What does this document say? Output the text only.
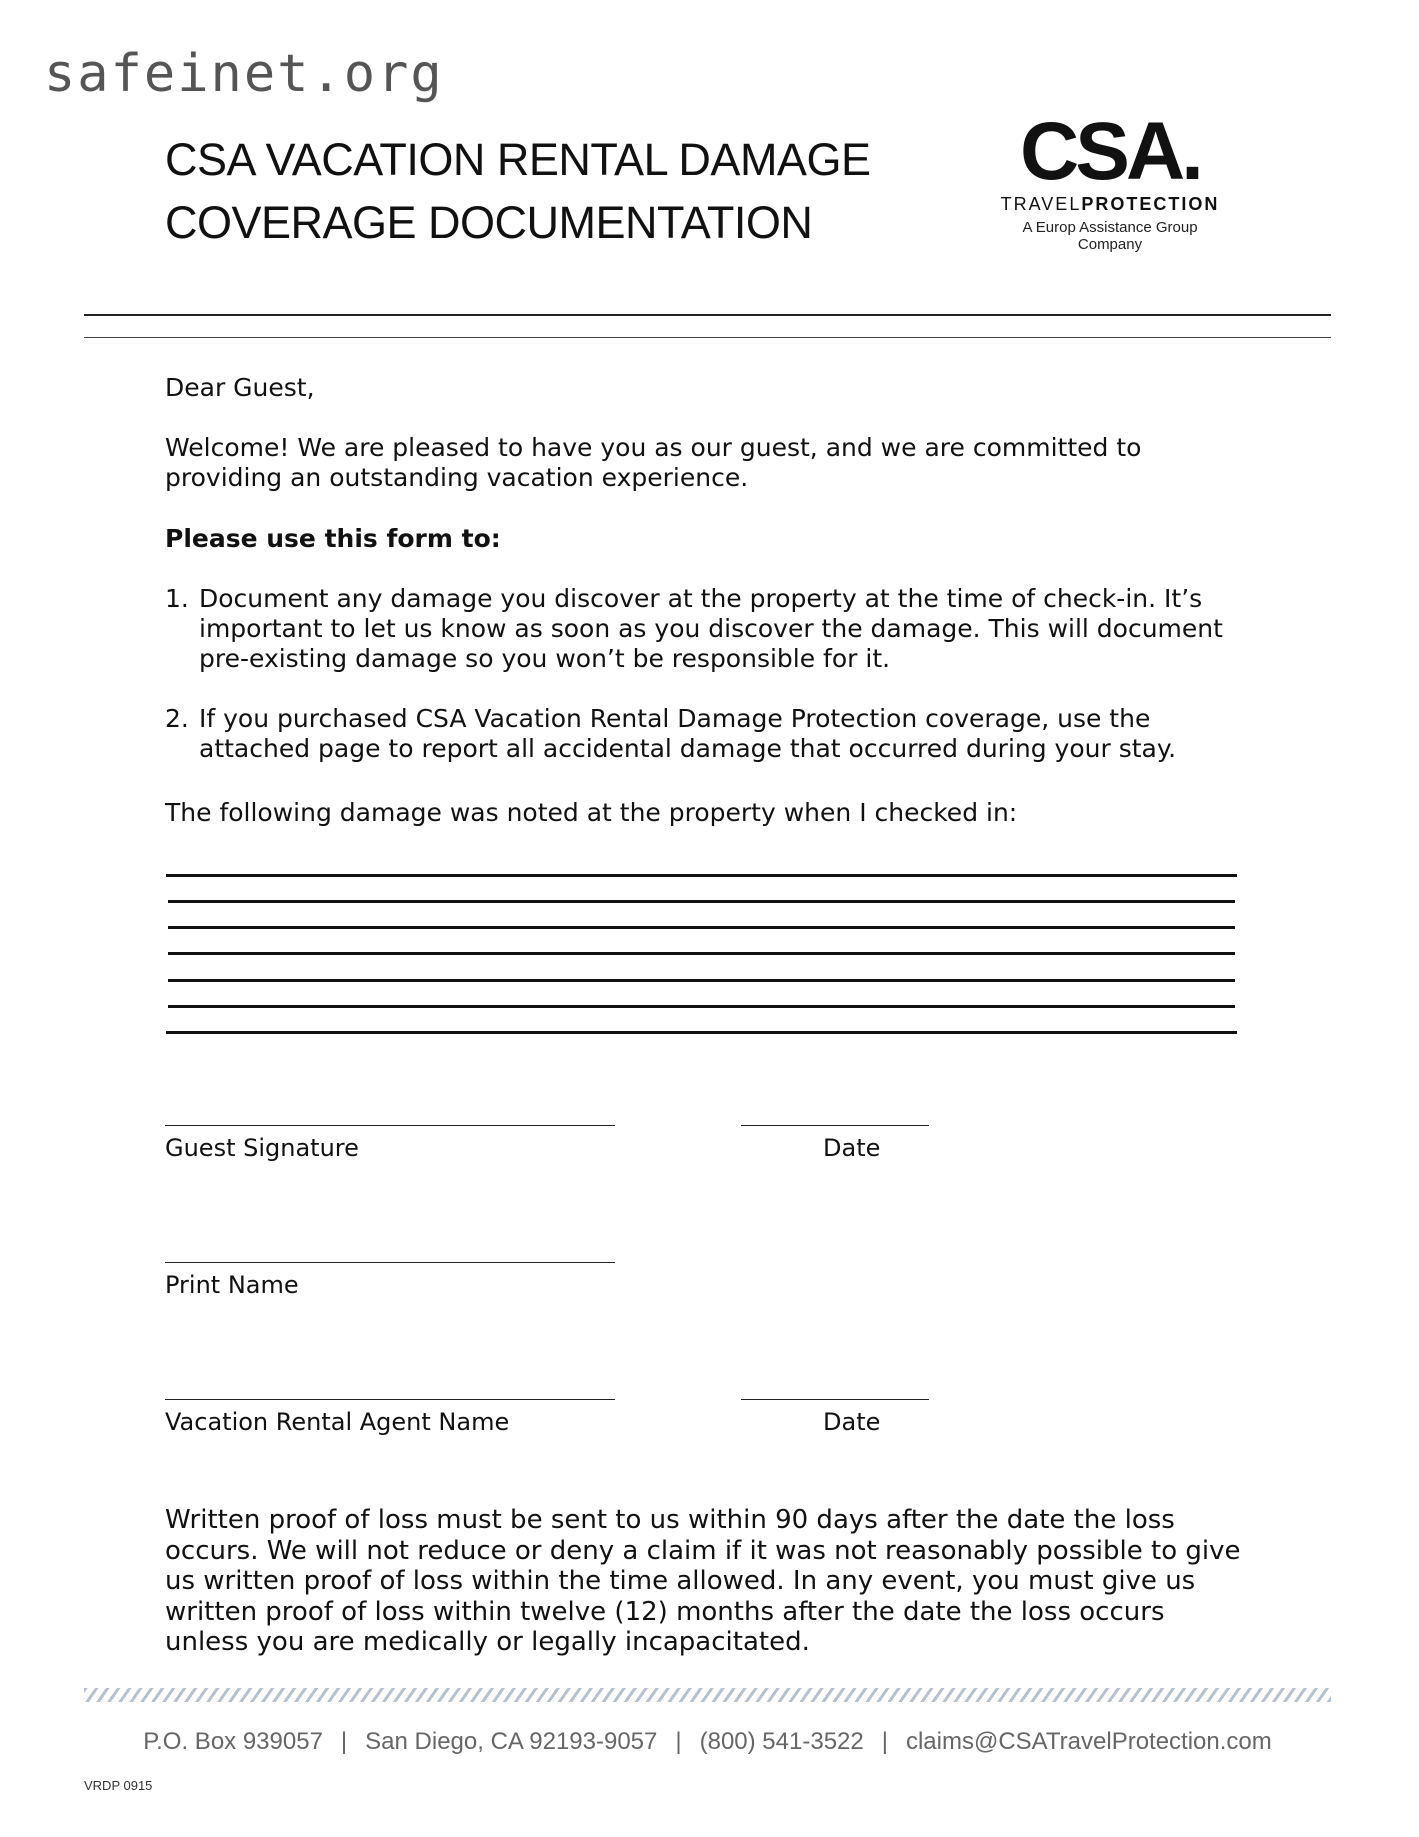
safeinet.org
CSA VACATION RENTAL DAMAGE
COVERAGE DOCUMENTATION
CSA.
TRAVELPROTECTION
A Europ Assistance Group Company
Dear Guest,
Welcome! We are pleased to have you as our guest, and we are committed to providing an outstanding vacation experience.
Please use this form to:
1. Document any damage you discover at the property at the time of check-in. It’s important to let us know as soon as you discover the damage. This will document pre-existing damage so you won’t be responsible for it.
2. If you purchased CSA Vacation Rental Damage Protection coverage, use the attached page to report all accidental damage that occurred during your stay.
The following damage was noted at the property when I checked in:
Guest Signature	Date
Print Name
Vacation Rental Agent Name	Date
Written proof of loss must be sent to us within 90 days after the date the loss occurs. We will not reduce or deny a claim if it was not reasonably possible to give us written proof of loss within the time allowed. In any event, you must give us written proof of loss within twelve (12) months after the date the loss occurs unless you are medically or legally incapacitated.
P.O. Box 939057 | San Diego, CA 92193-9057 | (800) 541-3522 | claims@CSATravelProtection.com
VRDP 0915
